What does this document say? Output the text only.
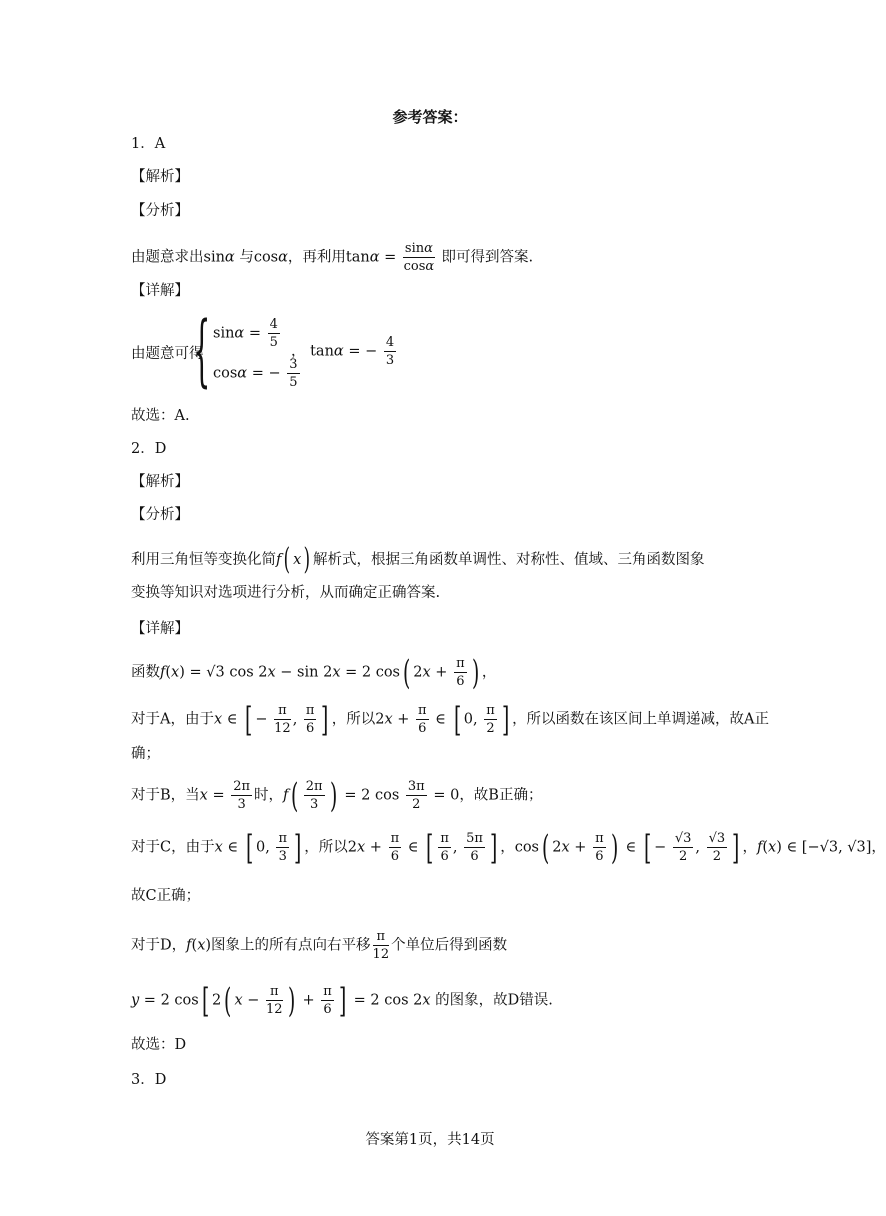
参考答案：
1．A
【解析】
【分析】
由题意求出sinα 与cosα，再利用$\tan\alpha = \frac{\sin\alpha}{\cos\alpha}$ 即可得到答案.
【详解】
由题意可得
{ $\sin\alpha = \frac{4}{5}$
cosα = − $\frac{3}{5}$
， tanα = − $\frac{4}{3}$
故选：A.
2．D
【解析】
【分析】
利用三角恒等变换化简f( x) 解析式，根据三角函数单调性、对称性、值域、三角函数图象
变换等知识对选项进行分析，从而确定正确答案.
【详解】
函数f(x) = √3 cos 2x − sin 2x = 2 cos( $2x + \frac{\pi}{6}$ ) ，
对于A，由于x ∈ [ − $\frac{\pi}{12}$ , $\frac{\pi}{6}$ ] ，所以$2x + \frac{\pi}{6}$ ∈ [ 0, $\frac{\pi}{2}$ ] ，所以函数在该区间上单调递减，故A正
确；
对于B，当$x = \frac{2\pi}{3}$ 时，$f( \frac{2\pi}{3}$ ) = 2 $\cos \frac{3\pi}{2} = 0$，故B正确；
对于C，由于x ∈ [ 0, $\frac{\pi}{3}$ ] ，所以$2x + \frac{\pi}{6}$ ∈ [ $\frac{\pi}{6}$ , $\frac{5\pi}{6}$ ] ，cos( $2x + \frac{\pi}{6}$ ) ∈ [ − $\frac{√3}{2}$ , $\frac{√3}{2}$ ] ，f(x) ∈ [−√3, √3]，
故C正确；
对于D，f(x)图象上的所有点向右平移 $\frac{\pi}{12}$ 个单位后得到函数
y = 2 cos[ 2( $x - \frac{\pi}{12}$ ) + $\frac{\pi}{6}$ ] = 2 cos 2x 的图象，故D错误.
故选：D
3．D
答案第1页，共14页
